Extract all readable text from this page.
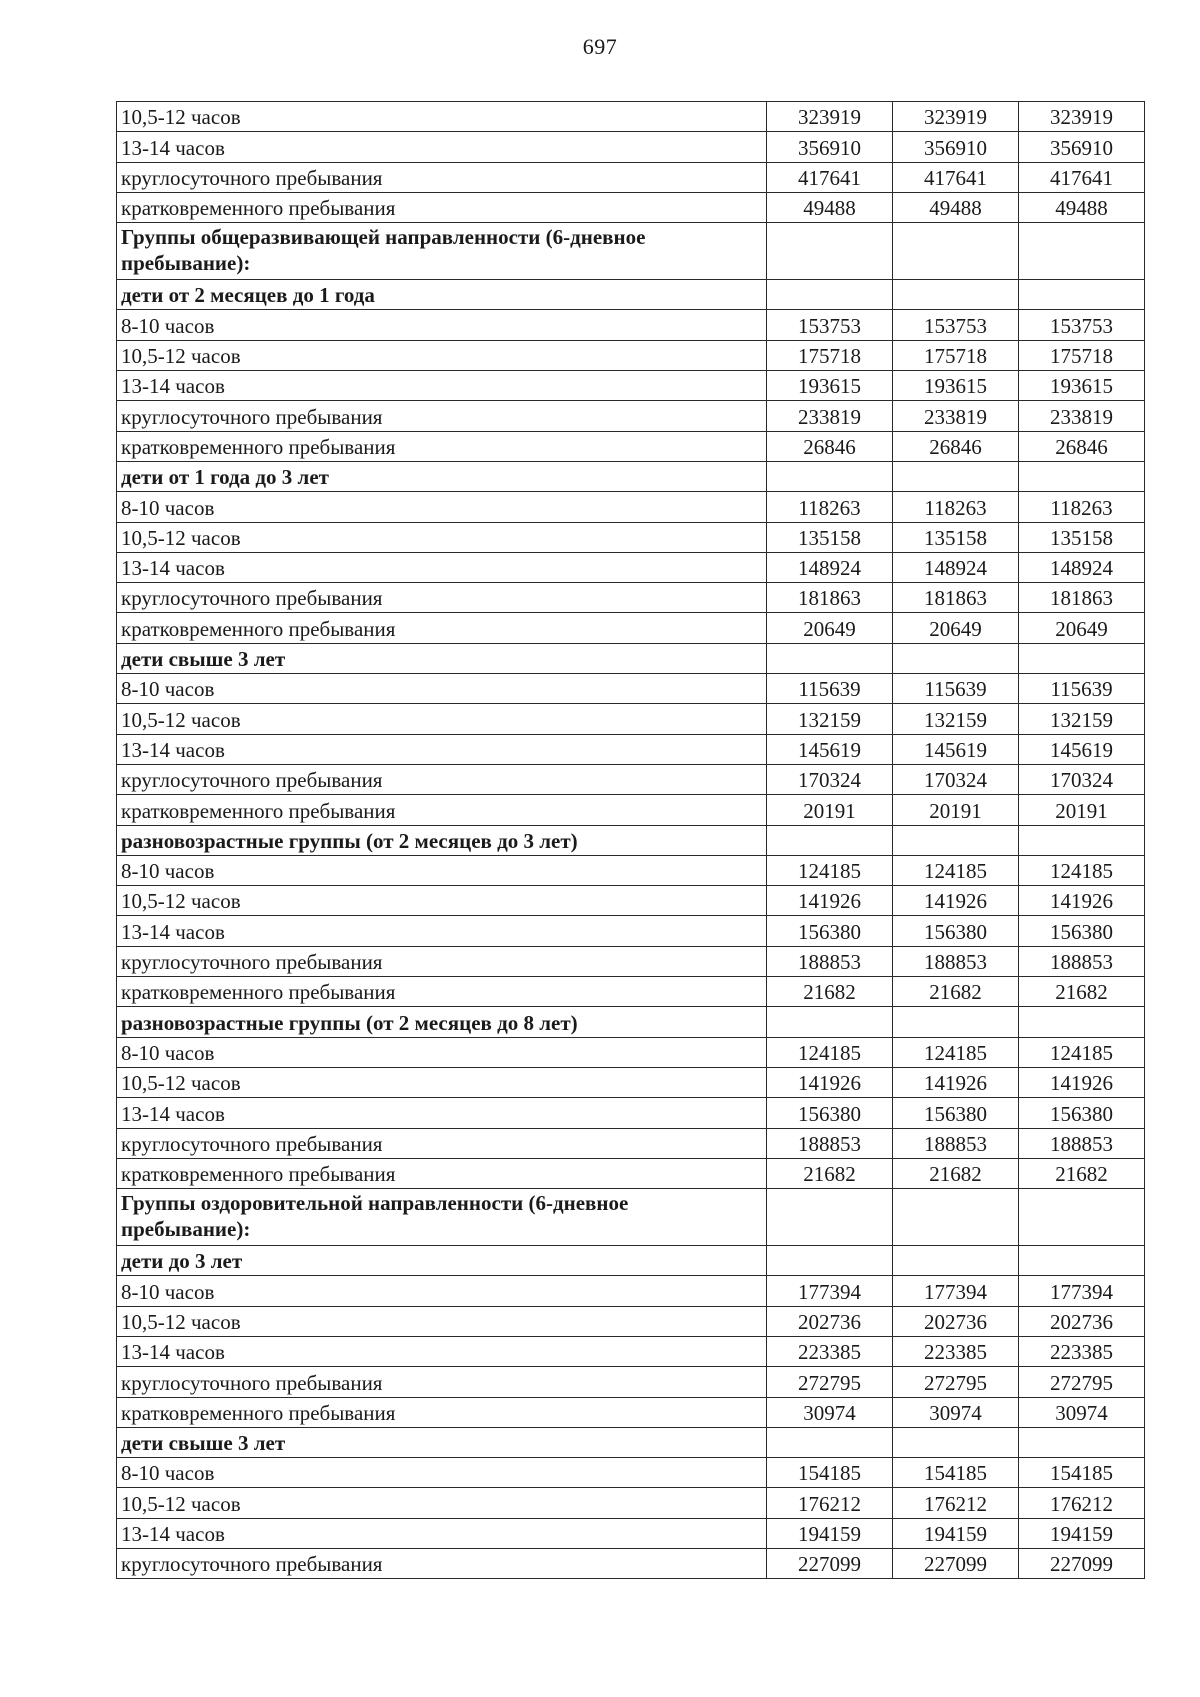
697
10,5-12 часов	323919	323919	323919
13-14 часов	356910	356910	356910
круглосуточного пребывания	417641	417641	417641
кратковременного пребывания	49488	49488	49488
Группы общеразвивающей направленности (6-дневное пребывание):			
дети от 2 месяцев до 1 года			
8-10 часов	153753	153753	153753
10,5-12 часов	175718	175718	175718
13-14 часов	193615	193615	193615
круглосуточного пребывания	233819	233819	233819
кратковременного пребывания	26846	26846	26846
дети от 1 года до 3 лет			
8-10 часов	118263	118263	118263
10,5-12 часов	135158	135158	135158
13-14 часов	148924	148924	148924
круглосуточного пребывания	181863	181863	181863
кратковременного пребывания	20649	20649	20649
дети свыше 3 лет			
8-10 часов	115639	115639	115639
10,5-12 часов	132159	132159	132159
13-14 часов	145619	145619	145619
круглосуточного пребывания	170324	170324	170324
кратковременного пребывания	20191	20191	20191
разновозрастные группы (от 2 месяцев до 3 лет)			
8-10 часов	124185	124185	124185
10,5-12 часов	141926	141926	141926
13-14 часов	156380	156380	156380
круглосуточного пребывания	188853	188853	188853
кратковременного пребывания	21682	21682	21682
разновозрастные группы (от 2 месяцев до 8 лет)			
8-10 часов	124185	124185	124185
10,5-12 часов	141926	141926	141926
13-14 часов	156380	156380	156380
круглосуточного пребывания	188853	188853	188853
кратковременного пребывания	21682	21682	21682
Группы оздоровительной направленности (6-дневное пребывание):			
дети до 3 лет			
8-10 часов	177394	177394	177394
10,5-12 часов	202736	202736	202736
13-14 часов	223385	223385	223385
круглосуточного пребывания	272795	272795	272795
кратковременного пребывания	30974	30974	30974
дети свыше 3 лет			
8-10 часов	154185	154185	154185
10,5-12 часов	176212	176212	176212
13-14 часов	194159	194159	194159
круглосуточного пребывания	227099	227099	227099
